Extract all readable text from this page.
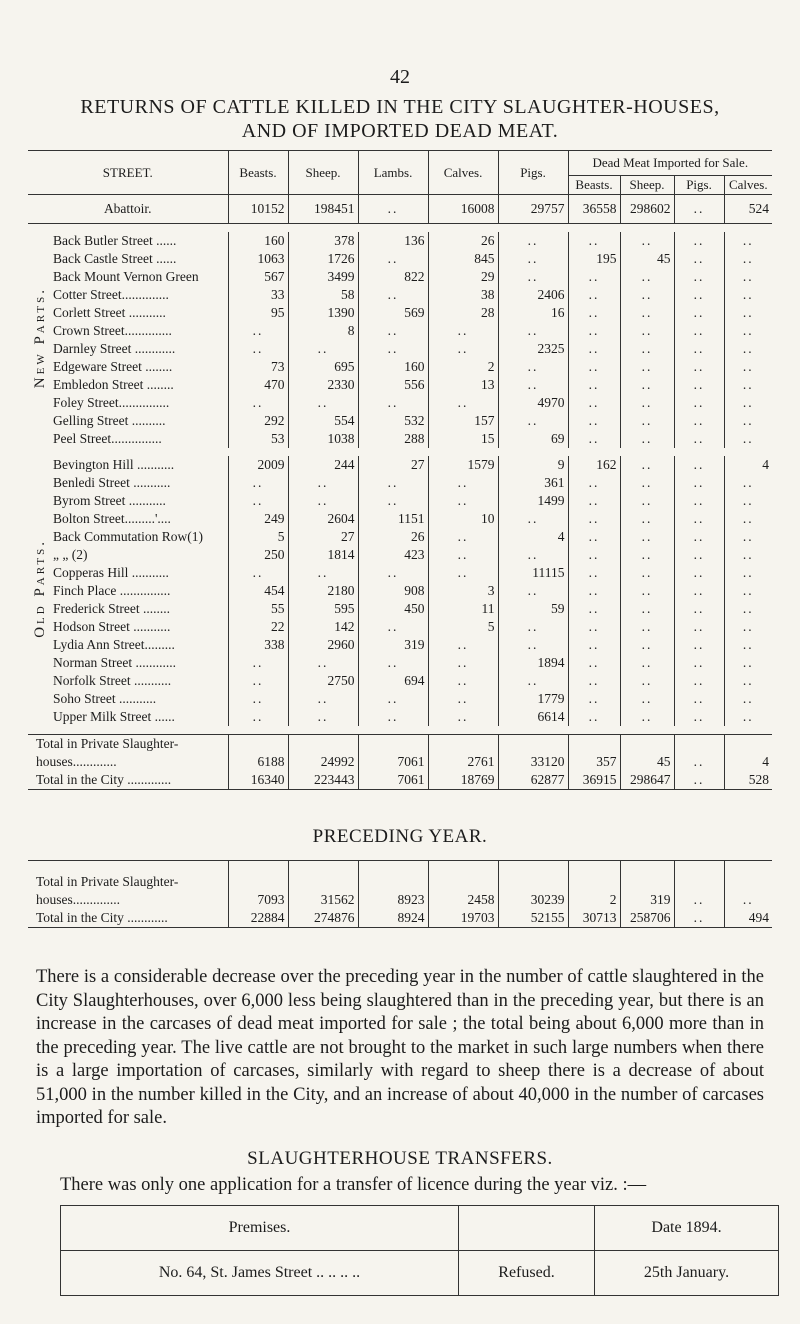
42
RETURNS OF CATTLE KILLED IN THE CITY SLAUGHTER-HOUSES,
AND OF IMPORTED DEAD MEAT.
STREET.		Beasts.	Sheep.	Lambs.	Calves.	Pigs.	Dead Meat Imported for Sale.			
							Beasts.	Sheep.	Pigs.	Calves.
Abattoir.		10152	198451	..	16008	29757	36558	298602	..	524

New Parts.	Back Butler Street ......	160	378	136	26	..	..	..	..	..
	Back Castle Street ......	1063	1726	..	845	..	195	45	..	..
	Back Mount Vernon Green	567	3499	822	29	..	..	..	..	..
	Cotter Street..............	33	58	..	38	2406	..	..	..	..
	Corlett Street ...........	95	1390	569	28	16	..	..	..	..
	Crown Street..............	..	8	..	..	..	..	..	..	..
	Darnley Street ............	..	..	..	..	2325	..	..	..	..
	Edgeware Street ........	73	695	160	2	..	..	..	..	..
	Embledon Street ........	470	2330	556	13	..	..	..	..	..
	Foley Street...............	..	..	..	..	4970	..	..	..	..
	Gelling Street ..........	292	554	532	157	..	..	..	..	..
	Peel Street...............	53	1038	288	15	69	..	..	..	..

Old Parts.	Bevington Hill ...........	2009	244	27	1579	9	162	..	..	4
	Benledi Street ...........	..	..	..	..	361	..	..	..	..
	Byrom Street ...........	..	..	..	..	1499	..	..	..	..
	Bolton Street.........'....	249	2604	1151	10	..	..	..	..	..
	Back Commutation Row(1)	5	27	26	..	4	..	..	..	..
	„ „ (2)	250	1814	423	..	..	..	..	..	..
	Copperas Hill ...........	..	..	..	..	11115	..	..	..	..
	Finch Place ...............	454	2180	908	3	..	..	..	..	..
	Frederick Street ........	55	595	450	11	59	..	..	..	..
	Hodson Street ...........	22	142	..	5	..	..	..	..	..
	Lydia Ann Street.........	338	2960	319	..	..	..	..	..	..
	Norman Street ............	..	..	..	..	1894	..	..	..	..
	Norfolk Street ...........	..	2750	694	..	..	..	..	..	..
	Soho Street ...........	..	..	..	..	1779	..	..	..	..
	Upper Milk Street ......	..	..	..	..	6614	..	..	..	..

Total in Private Slaughter-										
houses.............		6188	24992	7061	2761	33120	357	45	..	4
Total in the City .............		16340	223443	7061	18769	62877	36915	298647	..	528
PRECEDING YEAR.
Total in Private Slaughter-									
houses..............	7093	31562	8923	2458	30239	2	319	..	..
Total in the City ............	22884	274876	8924	19703	52155	30713	258706	..	494
There is a considerable decrease over the preceding year in the number of cattle slaughtered in the City Slaughterhouses, over 6,000 less being slaughtered than in the preceding year, but there is an increase in the carcases of dead meat imported for sale ; the total being about 6,000 more than in the preceding year. The live cattle are not brought to the market in such large numbers when there is a large importation of carcases, similarly with regard to sheep there is a decrease of about 51,000 in the number killed in the City, and an increase of about 40,000 in the number of carcases imported for sale.
SLAUGHTERHOUSE TRANSFERS.
There was only one application for a transfer of licence during the year viz. :—
Premises.		Date 1894.
No. 64, St. James Street .. .. .. ..	Refused.	25th January.
